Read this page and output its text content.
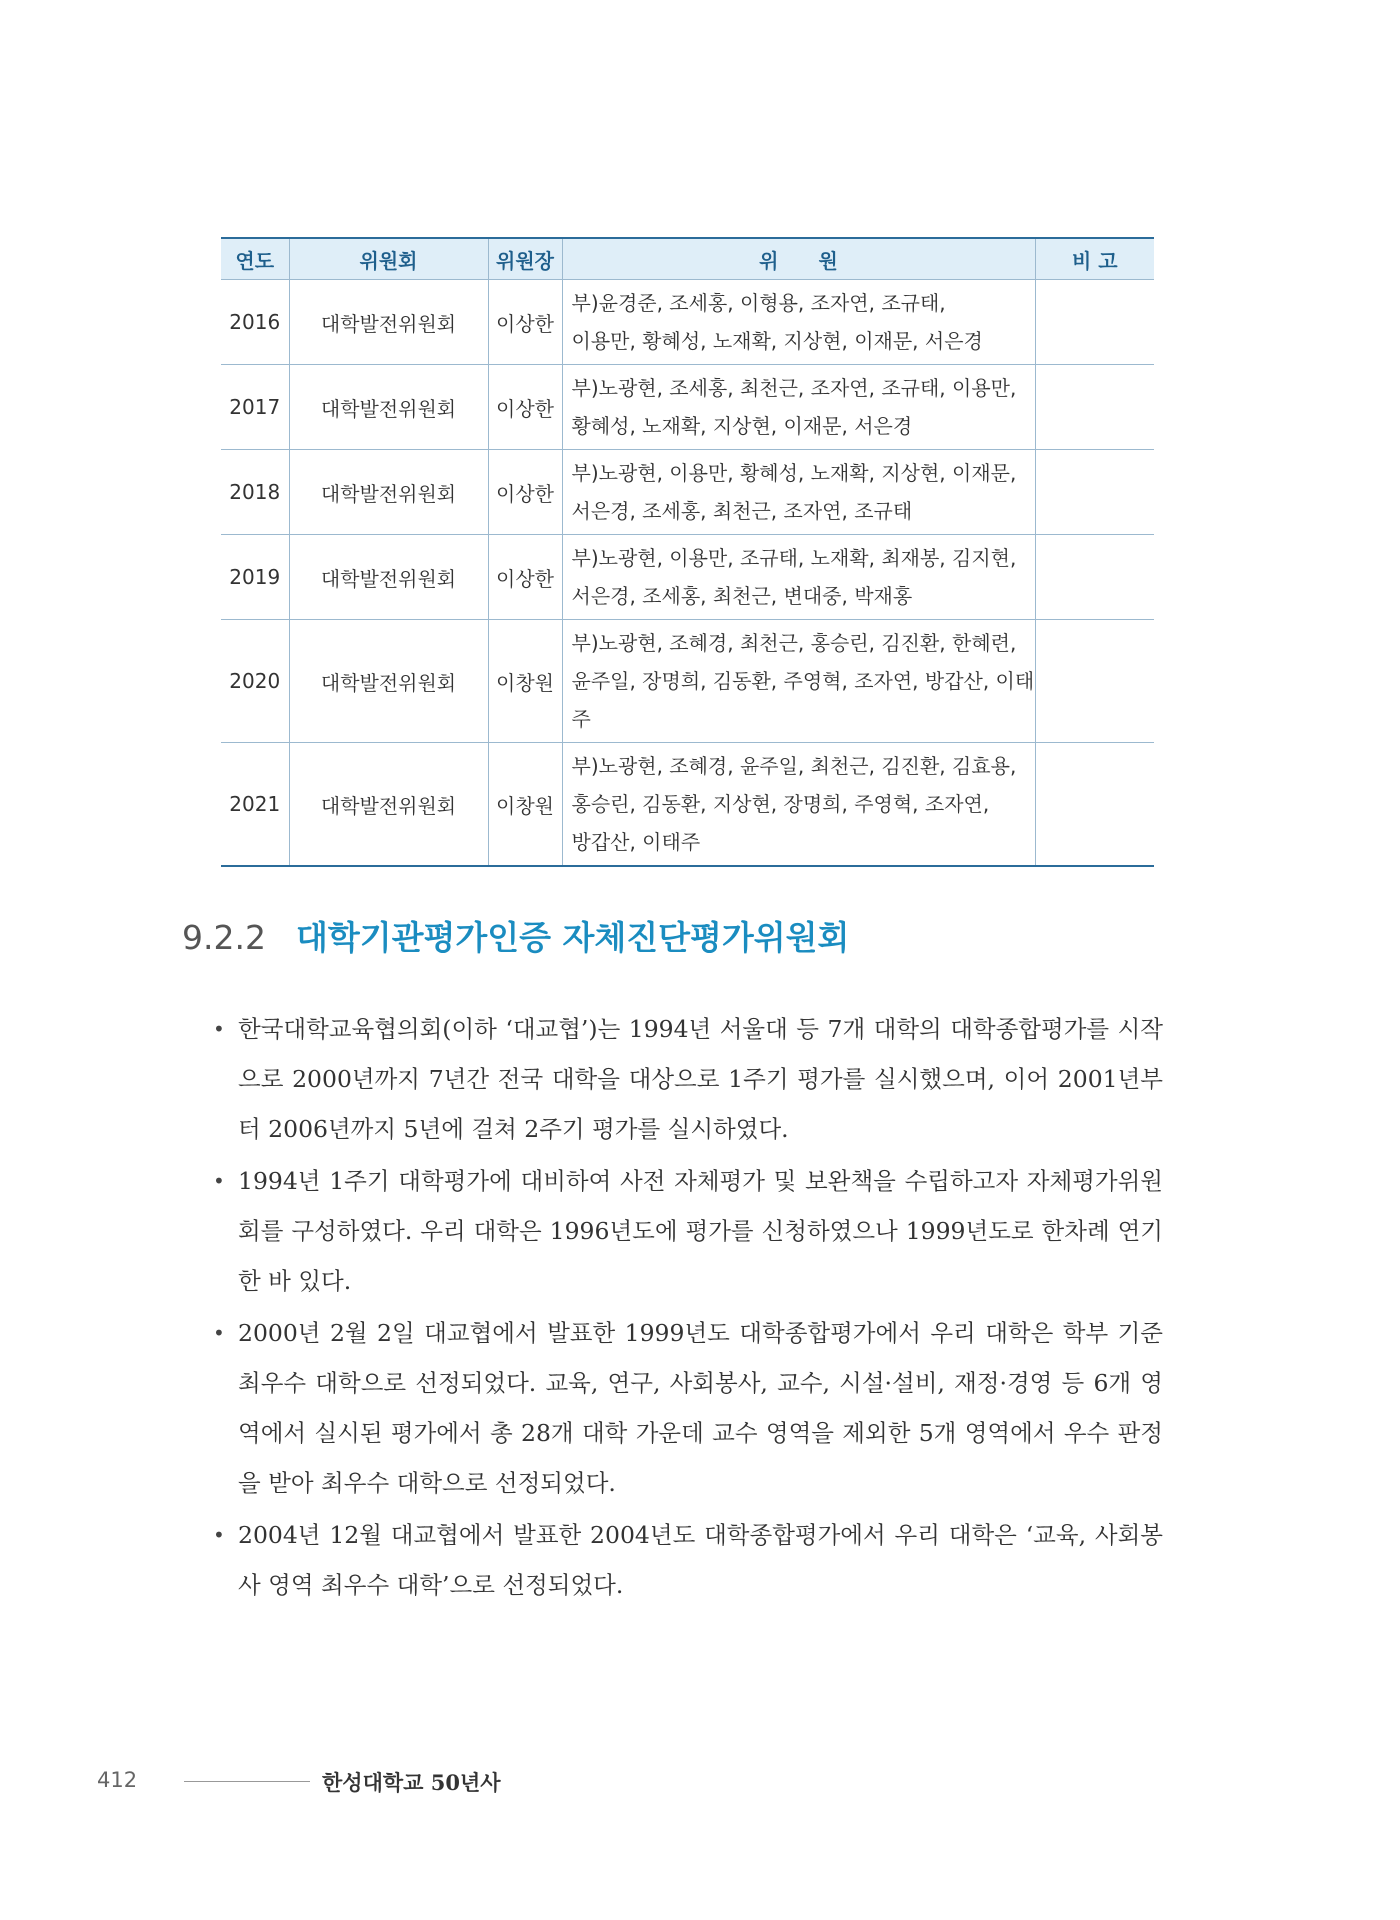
연도	위원회	위원장	위　　원	비 고
2016	대학발전위원회	이상한	부)윤경준, 조세홍, 이형용, 조자연, 조규태,
이용만, 황혜성, 노재확, 지상현, 이재문, 서은경	

2017	대학발전위원회	이상한	부)노광현, 조세홍, 최천근, 조자연, 조규태, 이용만,
황혜성, 노재확, 지상현, 이재문, 서은경	

2018	대학발전위원회	이상한	부)노광현, 이용만, 황혜성, 노재확, 지상현, 이재문,
서은경, 조세홍, 최천근, 조자연, 조규태	

2019	대학발전위원회	이상한	부)노광현, 이용만, 조규태, 노재확, 최재봉, 김지현,
서은경, 조세홍, 최천근, 변대중, 박재홍	

2020	대학발전위원회	이창원	부)노광현, 조혜경, 최천근, 홍승린, 김진환, 한혜련,
윤주일, 장명희, 김동환, 주영혁, 조자연, 방갑산, 이태주	

2021	대학발전위원회	이창원	부)노광현, 조혜경, 윤주일, 최천근, 김진환, 김효용,
홍승린, 김동환, 지상현, 장명희, 주영혁, 조자연,
방갑산, 이태주	

9.2.2 대학기관평가인증 자체진단평가위원회
• 한국대학교육협의회(이하 ‘대교협’)는 1994년 서울대 등 7개 대학의 대학종합평가를 시작으로 2000년까지 7년간 전국 대학을 대상으로 1주기 평가를 실시했으며, 이어 2001년부터 2006년까지 5년에 걸쳐 2주기 평가를 실시하였다.
• 1994년 1주기 대학평가에 대비하여 사전 자체평가 및 보완책을 수립하고자 자체평가위원회를 구성하였다. 우리 대학은 1996년도에 평가를 신청하였으나 1999년도로 한차례 연기한 바 있다.
• 2000년 2월 2일 대교협에서 발표한 1999년도 대학종합평가에서 우리 대학은 학부 기준 최우수 대학으로 선정되었다. 교육, 연구, 사회봉사, 교수, 시설·설비, 재정·경영 등 6개 영역에서 실시된 평가에서 총 28개 대학 가운데 교수 영역을 제외한 5개 영역에서 우수 판정을 받아 최우수 대학으로 선정되었다.
• 2004년 12월 대교협에서 발표한 2004년도 대학종합평가에서 우리 대학은 ‘교육, 사회봉사 영역 최우수 대학’으로 선정되었다.
412	한성대학교 50년사
